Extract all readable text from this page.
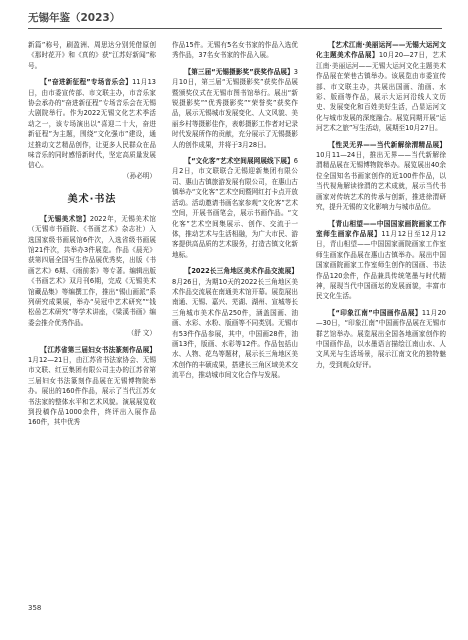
无锡年鉴（2023）

新篇”称号，刷盈洲、周思达分别凭借原创《那时花开》和《真的》获“江苏好新闻”称号。

【“奋进新征程”专场音乐会】11月13日，由市委宣传部、市文联主办，市音乐家协会承办的“奋进新征程”专场音乐会在无锡大剧院举行。作为2022无锡文化艺术季活动之一，该专场演出以“喜迎二十大，奋进新征程”为主题，围绕“文化强市”建设，通过推动文艺精品创作，让更多人民群众在品味音乐的同时感悟新时代，坚定高质量发展信心。

（孙必明）

美术·书法

【无锡美术馆】2022年，无锡美术馆（无锡市书画院、《书画艺术》杂志社）入选国家级书画展馆6件次，入选省级书画展馆21件次，共举办3件展览。作品《晨光》获第四届全国写生作品展优秀奖，出版《书画艺术》6期、《雨前茶》等专著。编辑出版《书画艺术》双月刊6期，完成《无锡美术馆藏品集》等编撰工作，推出“锡山画派”系列研究成果展，举办“吴冠中艺术研究”“钱松喦艺术研究”等学术讲座，《梁溪书画》编委会推介优秀作品。

（舒 文）

【江苏省第三届妇女书法篆刻作品展】1月12—21日，由江苏省书法家协会、无锡市文联、红豆集团有限公司主办的江苏省第三届妇女书法篆刻作品展在无锡博物院举办。展出的160件作品，展示了当代江苏女书法家的整体水平和艺术风貌。演展展览收到投稿作品1000余件，终评出入展作品160件，其中优秀

作品15件。无锡有5名女书家的作品入选优秀作品，37名女书家的作品入展。

【第三届“无锡摄影奖”获奖作品展】3月10日，第三届“无锡摄影奖”获奖作品展暨颁奖仪式在无锡市图书馆举行。展出“新锐摄影奖”“优秀摄影奖”“荣誉奖”获奖作品，展示无锡城市发展变化、人文风貌、美丽乡村等摄影佳作，表彰摄影工作者对记录时代发展所作的贡献，充分展示了无锡摄影人的创作成果，并将于3月28日。

【“文化客”艺术空间展网展线下展】6月2日，市文联联合无锡迎新集团有限公司、惠山古镇旅游发展有限公司，在惠山古镇举办“文化客”艺术空间暨网红打卡点开放活动。活动邀请书画名家参观“文化客”艺术空间，开展书画笔会，展示书画作品。“文化客”艺术空间集展示、创作、交流于一体，推动艺术与生活相融，为广大市民、游客提供高品质的艺术服务，打造古镇文化新地标。

【2022长三角地区美术作品交流展】8月26日，为期10天的2022长三角地区美术作品交流展在南通美术馆开幕。展览展出南通、无锡、嘉兴、芜湖、湖州、宣城等长三角城市美术作品250件，涵盖国画、油画、水彩、水粉、版画等不同类别。无锡市有53件作品参展，其中，中国画28件，油画13件，版画、水彩等12件。作品包括山水、人物、花鸟等题材，展示长三角地区美术创作的丰硕成果，搭建长三角区域美术交流平台，推动城市间文化合作与发展。

【艺术江南·美丽运河——无锡大运河文化主题美术作品展】10月20—27日，艺术江南·美丽运河——无锡大运河文化主题美术作品展在荣巷古镇举办。该展览由市委宣传部、市文联主办，共展出国画、油画、水彩、版画等作品，展示大运河沿线人文历史、发展变化和百姓美好生活，凸显运河文化与城市发展的深度融合。展览同期开展“运河艺术之旅”写生活动，展期至10月27日。

【性灵无界——当代新解徐渭精品展】10月11—24日，推出无界——当代新解徐渭精品展在无锡博物院举办。展览展出40余位全国知名书画家创作的近100件作品，以当代视角解读徐渭的艺术成就，展示当代书画家对传统艺术的传承与创新，推进徐渭研究，提升无锡的文化影响力与城市品位。

【青山相望——中国国家画院画家工作室师生画家作品展】11月12日至12月12日，青山相望——中国国家画院画家工作室师生画家作品展在惠山古镇举办。展出中国国家画院画家工作室师生创作的国画、书法作品120余件，作品兼具传统笔墨与时代精神，展现当代中国画坛的发展面貌，丰富市民文化生活。

【“印象江南”中国画作品展】11月20—30日，“印象江南”中国画作品展在无锡市群艺馆举办。展览展出全国各地画家创作的中国画作品，以水墨语言描绘江南山水、人文风光与生活场景，展示江南文化的独特魅力，受到观众好评。

358
